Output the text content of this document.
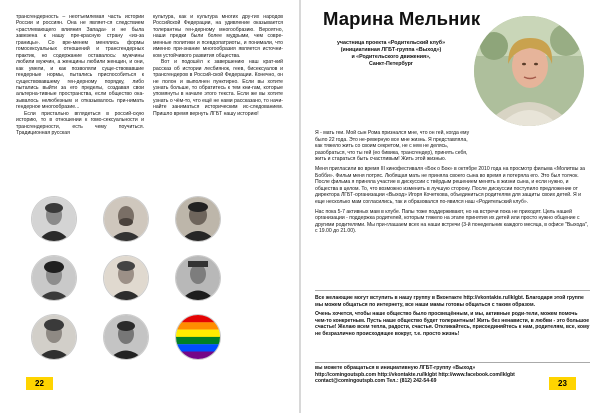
трансгендерность – неотъемлемая часть истории России и россиян. Она не являет-ся следствием «растлевающего влияния Запада» и не была завезена к нашу пре-красную страну «из-за границы». Со вре-менем менялись формы гомосексуальных отношений и трансгендерных практик, но содержание оставалось: мужчины любили мужчин, а женщины любили женщин, и они, как умели, и как позволяли суще-ствовавшие гендерные нормы, пытались приспособиться к существовавшему ген-дерному порядку, либо пытались выйти за его пределы, создавая свои альтерна-тивные пространства, если общество ока-зывалось нелюбезным и отказывалось при-нимать гендерное многообразие...

Если пристально вглядеться в россий-скую историю, то в отношении к гомо-сексуальности и трансгендерности, есть чему поучиться. Традиционная русская

культура, как и культура многих дру-гих народов Российской Федерации, на удивление оказывается толерантны ген-дерному многообразию. Вероятно, наши предки были более мудрыми, чем совре-менные политики и псевдопатриоты, и понимали, что именно при-знание многообразия является источни-ком устойчивого развития общества.

Вот и подошёл к завершению наш крат-кий рассказ об истории лесбиянок, геев, бисексуалов и трансгендеров в Россий-ской Федерации. Конечно, он не полон и выполнен пунктирно. Если вы хотите узнать больше, то обратитесь к тем кни-гам, которые упомянуты в начале этого текста. Если же вы хотите узнать о чём-то, что ещё не нами рассказано, то начи-найте заниматься историческим ис-следованием. Пришло время вернуть ЛГБТ нашу историю!

22
Марина Мельник
участница проекта «Родительский клуб»
(инициативная ЛГБТ-группа «Выход»)
и «Родительского движения»,
Санкт-Петербург

Я - мать геи. Мой сын Рома признался мне, что он гей, когда ему было 22 года. Это не-реверную все мне жизнь. Я представляла, как тяжело жить со своим секретом, не с кем не делясь, разобраться, что ты гей (ео бивика, трансгендер), принять себя, жить и стараться быть счастливым! Жить этой жизнью.

Меня пригласили во время III кинофестиваля «Бок о Бок» в октябре 2010 года на просмотр фильма «Молитвы за Бобби». Фильм меня потряс. Любящая мать не приняла своего сына во время и потеряла его. Это был толчок. После фильма я приняла участие в дискуссии с твёрдым решением менять в жизни сына, и если нужно, и общества в целом. То, что возможно изменить в лучшую сторону. После дискуссии поступило предложение от директора ЛГБТ-организации «Выход» Игоря Кочеткова, объединиться родителям для защиты своих детей. Я и еще несколько мам согласились, так и образовался по-явился наш «Родительский клуб».

Нас пока 5-7 активных мам в клубе. Папы тоже поддерживают, но на встречи пока не приходят. Цель нашей организации - поддержка родителей, которым тяжело на этапе принятия их детей или просто нужно общение с другими родителями. Мы при-глашаем всех на наши встречи (3-й понедельник каждого месяца, в офисе "Выхода", с 19.00 до 21.00).

Все желающие могут вступить в нашу группу в Вконтакте http://vkontakte.ru/lklgbt. Благодаря этой группе мы можем общаться по интернету, все наши мамы готовы общаться с таким образом.

Очень хочется, чтобы наше общество было просвещённым, и мы, активные роди-тели, можем помочь чем-то конкретным. Пусть наше общество будет толерантным! Жить без ненависти, в любви - это большое счастье! Желаю всем тепла, радости, счастья. Откликайтесь, присоединяйтесь к нам, родителям, все, кому не безразлично происходящее вокруг, т.е. просто жизнь!

вы можете обращаться в инициативную ЛГБТ-группу «Выход»
http://comingoutspb.com http://vkontakte.ru/lklgbt http://www.facebook.com/lklgbt
contact@comingoutspb.com Тел.: (812) 242-54-69	23
